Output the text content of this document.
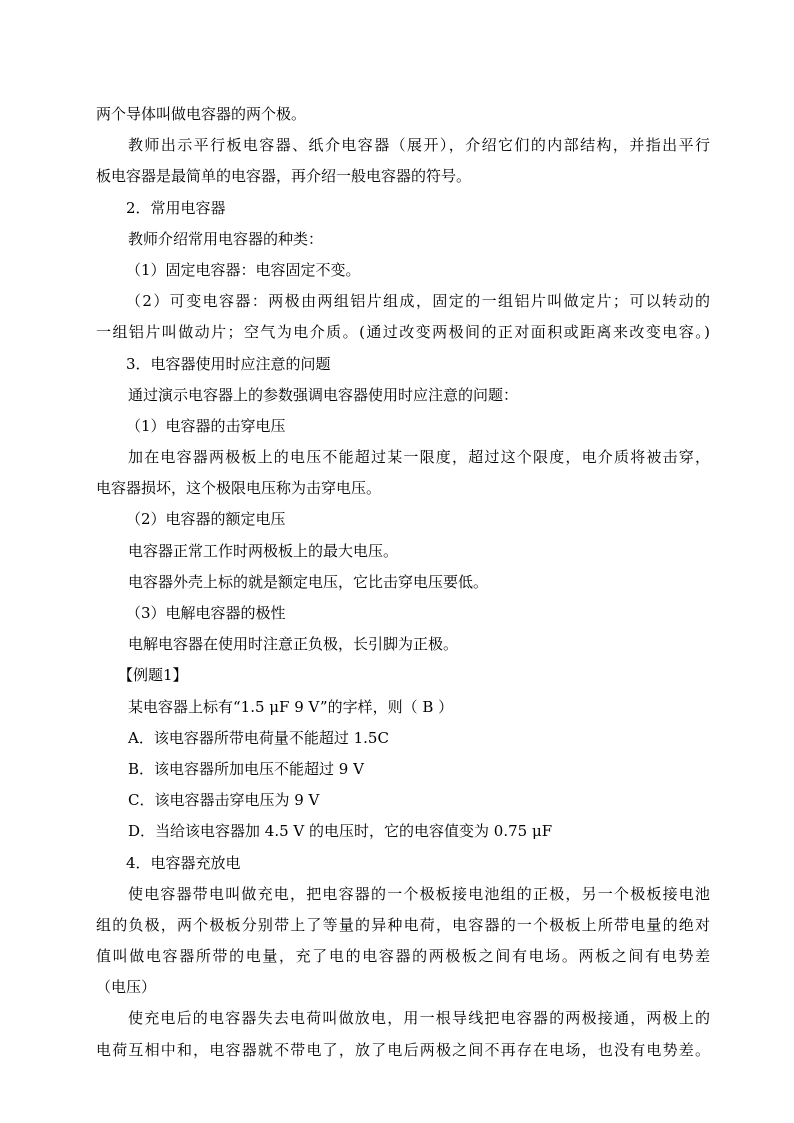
两个导体叫做电容器的两个极。
教师出示平行板电容器、纸介电容器（展开），介绍它们的内部结构，并指出平行
板电容器是最简单的电容器，再介绍一般电容器的符号。
2．常用电容器
教师介绍常用电容器的种类：
（1）固定电容器：电容固定不变。
（2）可变电容器：两极由两组铝片组成，固定的一组铝片叫做定片；可以转动的
一组铝片叫做动片；空气为电介质。(通过改变两极间的正对面积或距离来改变电容。)
3．电容器使用时应注意的问题
通过演示电容器上的参数强调电容器使用时应注意的问题：
（1）电容器的击穿电压
加在电容器两极板上的电压不能超过某一限度，超过这个限度，电介质将被击穿，
电容器损坏，这个极限电压称为击穿电压。
（2）电容器的额定电压
电容器正常工作时两极板上的最大电压。
电容器外壳上标的就是额定电压，它比击穿电压要低。
（3）电解电容器的极性
电解电容器在使用时注意正负极，长引脚为正极。
【例题1】
某电容器上标有“1.5 μF 9 V”的字样，则（ B ）
A．该电容器所带电荷量不能超过 1.5C
B．该电容器所加电压不能超过 9 V
C．该电容器击穿电压为 9 V
D．当给该电容器加 4.5 V 的电压时，它的电容值变为 0.75 μF
4．电容器充放电
使电容器带电叫做充电，把电容器的一个极板接电池组的正极，另一个极板接电池
组的负极，两个极板分别带上了等量的异种电荷，电容器的一个极板上所带电量的绝对
值叫做电容器所带的电量，充了电的电容器的两极板之间有电场。两板之间有电势差
（电压）
使充电后的电容器失去电荷叫做放电，用一根导线把电容器的两极接通，两极上的
电荷互相中和，电容器就不带电了，放了电后两极之间不再存在电场，也没有电势差。
